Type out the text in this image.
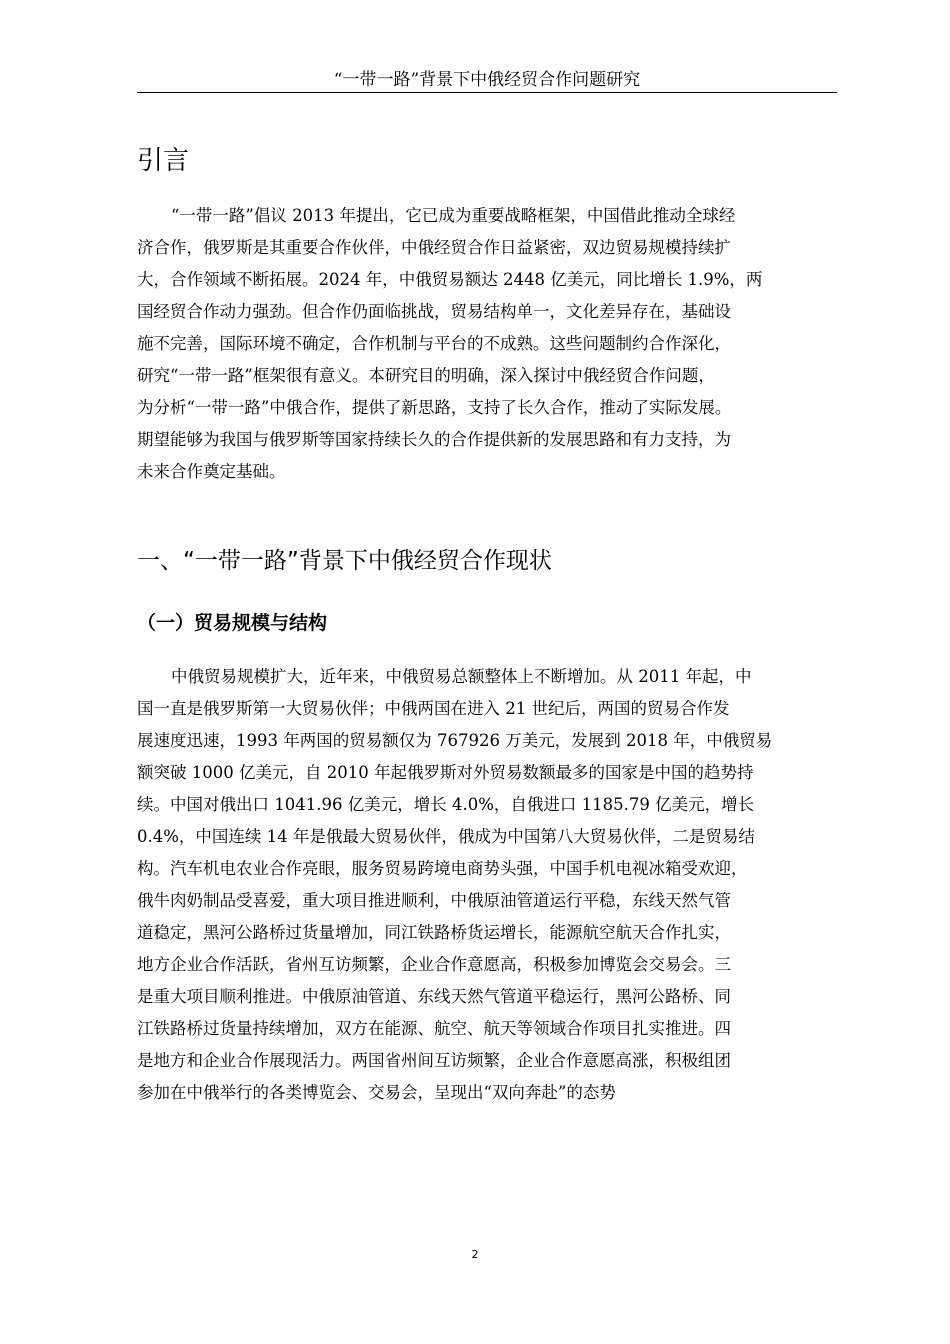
“一带一路”背景下中俄经贸合作问题研究
引言
“一带一路”倡议 2013 年提出，它已成为重要战略框架，中国借此推动全球经
济合作，俄罗斯是其重要合作伙伴，中俄经贸合作日益紧密，双边贸易规模持续扩
大，合作领域不断拓展。2024 年，中俄贸易额达 2448 亿美元，同比增长 1.9%，两
国经贸合作动力强劲。但合作仍面临挑战，贸易结构单一，文化差异存在，基础设
施不完善，国际环境不确定，合作机制与平台的不成熟。这些问题制约合作深化，
研究“一带一路”框架很有意义。本研究目的明确，深入探讨中俄经贸合作问题，
为分析“一带一路”中俄合作，提供了新思路，支持了长久合作，推动了实际发展。
期望能够为我国与俄罗斯等国家持续长久的合作提供新的发展思路和有力支持，为
未来合作奠定基础。
一、“一带一路”背景下中俄经贸合作现状
（一）贸易规模与结构
中俄贸易规模扩大，近年来，中俄贸易总额整体上不断增加。从 2011 年起，中
国一直是俄罗斯第一大贸易伙伴；中俄两国在进入 21 世纪后，两国的贸易合作发
展速度迅速，1993 年两国的贸易额仅为 767926 万美元，发展到 2018 年，中俄贸易
额突破 1000 亿美元，自 2010 年起俄罗斯对外贸易数额最多的国家是中国的趋势持
续。中国对俄出口 1041.96 亿美元，增长 4.0%，自俄进口 1185.79 亿美元，增长
0.4%，中国连续 14 年是俄最大贸易伙伴，俄成为中国第八大贸易伙伴，二是贸易结
构。汽车机电农业合作亮眼，服务贸易跨境电商势头强，中国手机电视冰箱受欢迎，
俄牛肉奶制品受喜爱，重大项目推进顺利，中俄原油管道运行平稳，东线天然气管
道稳定，黑河公路桥过货量增加，同江铁路桥货运增长，能源航空航天合作扎实，
地方企业合作活跃，省州互访频繁，企业合作意愿高，积极参加博览会交易会。三
是重大项目顺利推进。中俄原油管道、东线天然气管道平稳运行，黑河公路桥、同
江铁路桥过货量持续增加，双方在能源、航空、航天等领域合作项目扎实推进。四
是地方和企业合作展现活力。两国省州间互访频繁，企业合作意愿高涨，积极组团
参加在中俄举行的各类博览会、交易会，呈现出“双向奔赴”的态势
2
